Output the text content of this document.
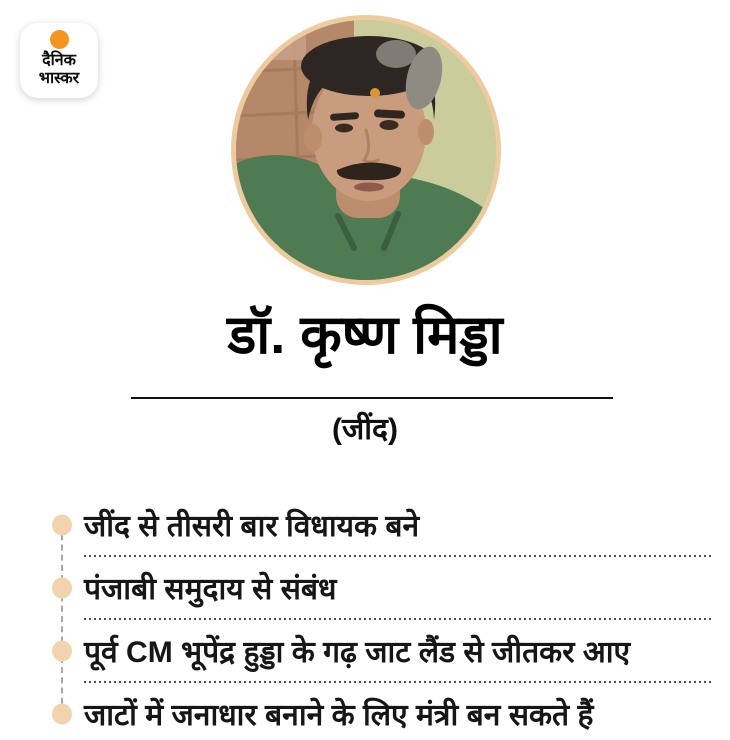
दैनिक
भास्कर
डॉ. कृष्ण मिड्डा
(जींद)
जींद से तीसरी बार विधायक बने
पंजाबी समुदाय से संबंध
पूर्व CM भूपेंद्र हुड्डा के गढ़ जाट लैंड से जीतकर आए
जाटों में जनाधार बनाने के लिए मंत्री बन सकते हैं
